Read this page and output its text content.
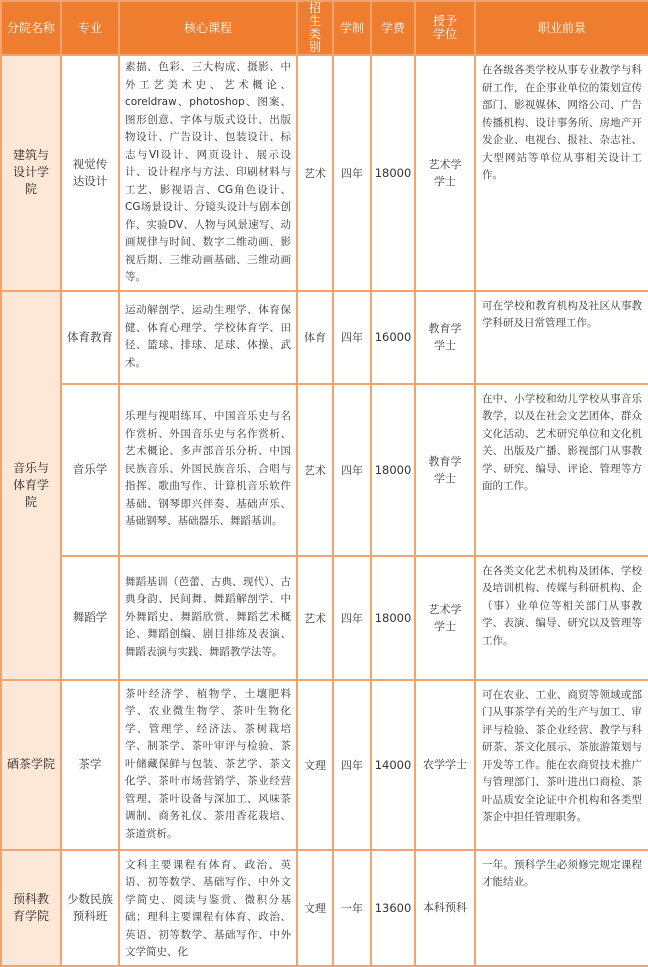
分院名称	专业	核心课程	招生类别	学制	学费	授予学位	职业前景
建筑与设计学院	视觉传达设计	素描、色彩、三大构成、摄影、中外工艺美术史、艺术概论、coreldraw、photoshop、图案、图形创意、字体与版式设计、出版物设计、广告设计、包装设计、标志与VI设计、网页设计、展示设计、设计程序与方法、印刷材料与工艺、影视语言、CG角色设计、CG场景设计、分镜头设计与剧本创作、实验DV、人物与风景速写、动画规律与时间、数字二维动画、影视后期、三维动画基础、三维动画等。	艺术	四年	18000	艺术学学士	在各级各类学校从事专业教学与科研工作，在企事业单位的策划宣传部门、影视媒体、网络公司、广告传播机构、设计事务所、房地产开发企业、电视台、报社、杂志社、大型网站等单位从事相关设计工作。
音乐与体育学院	体育教育	运动解剖学、运动生理学、体育保健、体育心理学、学校体育学、田径、篮球、排球、足球、体操、武术。	体育	四年	16000	教育学学士	可在学校和教育机构及社区从事教学科研及日常管理工作。
	音乐学	乐理与视唱练耳、中国音乐史与名作赏析、外国音乐史与名作赏析、艺术概论、多声部音乐分析、中国民族音乐、外国民族音乐、合唱与指挥、歌曲写作、计算机音乐软件基础、钢琴即兴伴奏、基础声乐、基础钢琴、基础器乐、舞蹈基训。	艺术	四年	18000	教育学学士	在中、小学校和幼儿学校从事音乐教学，以及在社会文艺团体、群众文化活动、艺术研究单位和文化机关、出版及广播、影视部门从事教学、研究、编导、评论、管理等方面的工作。
	舞蹈学	舞蹈基训（芭蕾、古典、现代）、古典身韵、民间舞、舞蹈解剖学、中外舞蹈史、舞蹈欣赏、舞蹈艺术概论、舞蹈创编、剧目排练及表演、舞蹈表演与实践、舞蹈教学法等。	艺术	四年	18000	艺术学学士	在各类文化艺术机构及团体、学校及培训机构、传媒与科研机构、企（事）业单位等相关部门从事教学、表演、编导、研究以及管理等工作。
硒茶学院	茶学	茶叶经济学、植物学、土壤肥料学、农业微生物学、茶叶生物化学、管理学、经济法、茶树栽培学、制茶学、茶叶审评与检验、茶叶储藏保鲜与包装、茶艺学、茶文化学、茶叶市场营销学、茶业经营管理、茶叶设备与深加工、风味茶调制、商务礼仪、茶用香花栽培、茶道赏析。	文理	四年	14000	农学学士	可在农业、工业、商贸等领域或部门从事茶学有关的生产与加工、审评与检验、茶企业经营、教学与科研茶、茶文化展示、茶旅游策划与开发等工作。能在农商贸技术推广与管理部门、茶叶进出口商检、茶叶品质安全论证中介机构和各类型茶企中担任管理职务。
预科教育学院	少数民族预科班	文科主要课程有体育、政治、英语、初等数学、基础写作、中外文学简史、阅读与鉴赏、微积分基础；理科主要课程有体育、政治、英语、初等数学、基础写作、中外文学简史、化	文理	一年	13600	本科预科	一年。预科学生必须修完规定课程才能结业。
